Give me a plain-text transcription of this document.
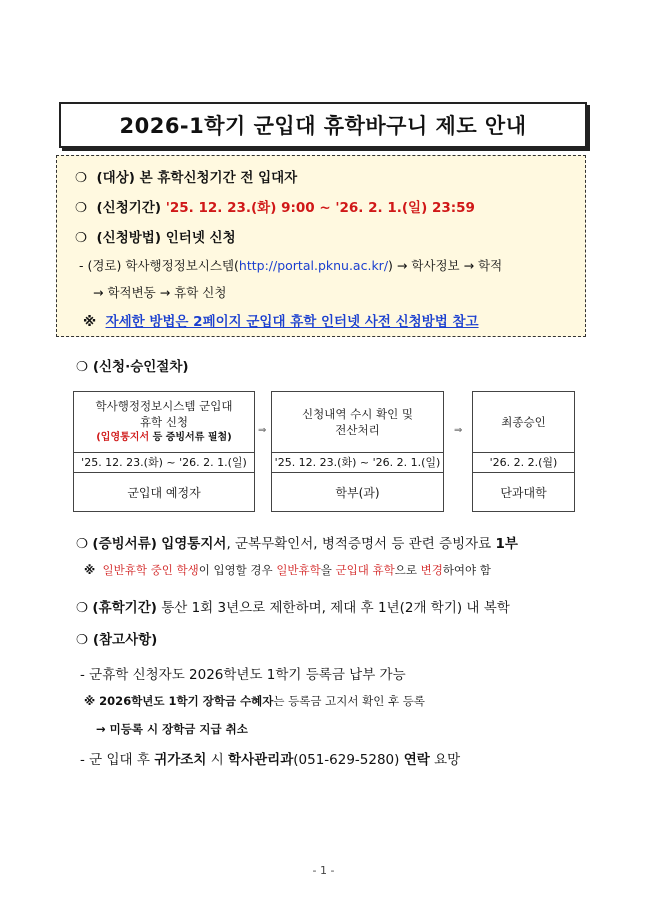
2026-1학기 군입대 휴학바구니 제도 안내
❍ (대상) 본 휴학신청기간 전 입대자
❍ (신청기간) '25. 12. 23.(화) 9:00 ~ '26. 2. 1.(일) 23:59
❍ (신청방법) 인터넷 신청
- (경로) 학사행정정보시스템(http://portal.pknu.ac.kr/) → 학사정보 → 학적
→ 학적변동 → 휴학 신청
※ 자세한 방법은 2페이지 군입대 휴학 인터넷 사전 신청방법 참고
❍ (신청·승인절차)
학사행정정보시스템 군입대
휴학 신청
(입영통지서 등 증빙서류 필첨)
'25. 12. 23.(화) ~ '26. 2. 1.(일)
군입대 예정자
⇒
신청내역 수시 확인 및
전산처리
'25. 12. 23.(화) ~ '26. 2. 1.(일)
학부(과)
⇒
최종승인
'26. 2. 2.(월)
단과대학
❍ (증빙서류) 입영통지서, 군복무확인서, 병적증명서 등 관련 증빙자료 1부
※ 일반휴학 중인 학생이 입영할 경우 일반휴학을 군입대 휴학으로 변경하여야 함
❍ (휴학기간) 통산 1회 3년으로 제한하며, 제대 후 1년(2개 학기) 내 복학
❍ (참고사항)
- 군휴학 신청자도 2026학년도 1학기 등록금 납부 가능
※ 2026학년도 1학기 장학금 수혜자는 등록금 고지서 확인 후 등록
→ 미등록 시 장학금 지급 취소
- 군 입대 후 귀가조치 시 학사관리과(051-629-5280) 연락 요망
- 1 -
